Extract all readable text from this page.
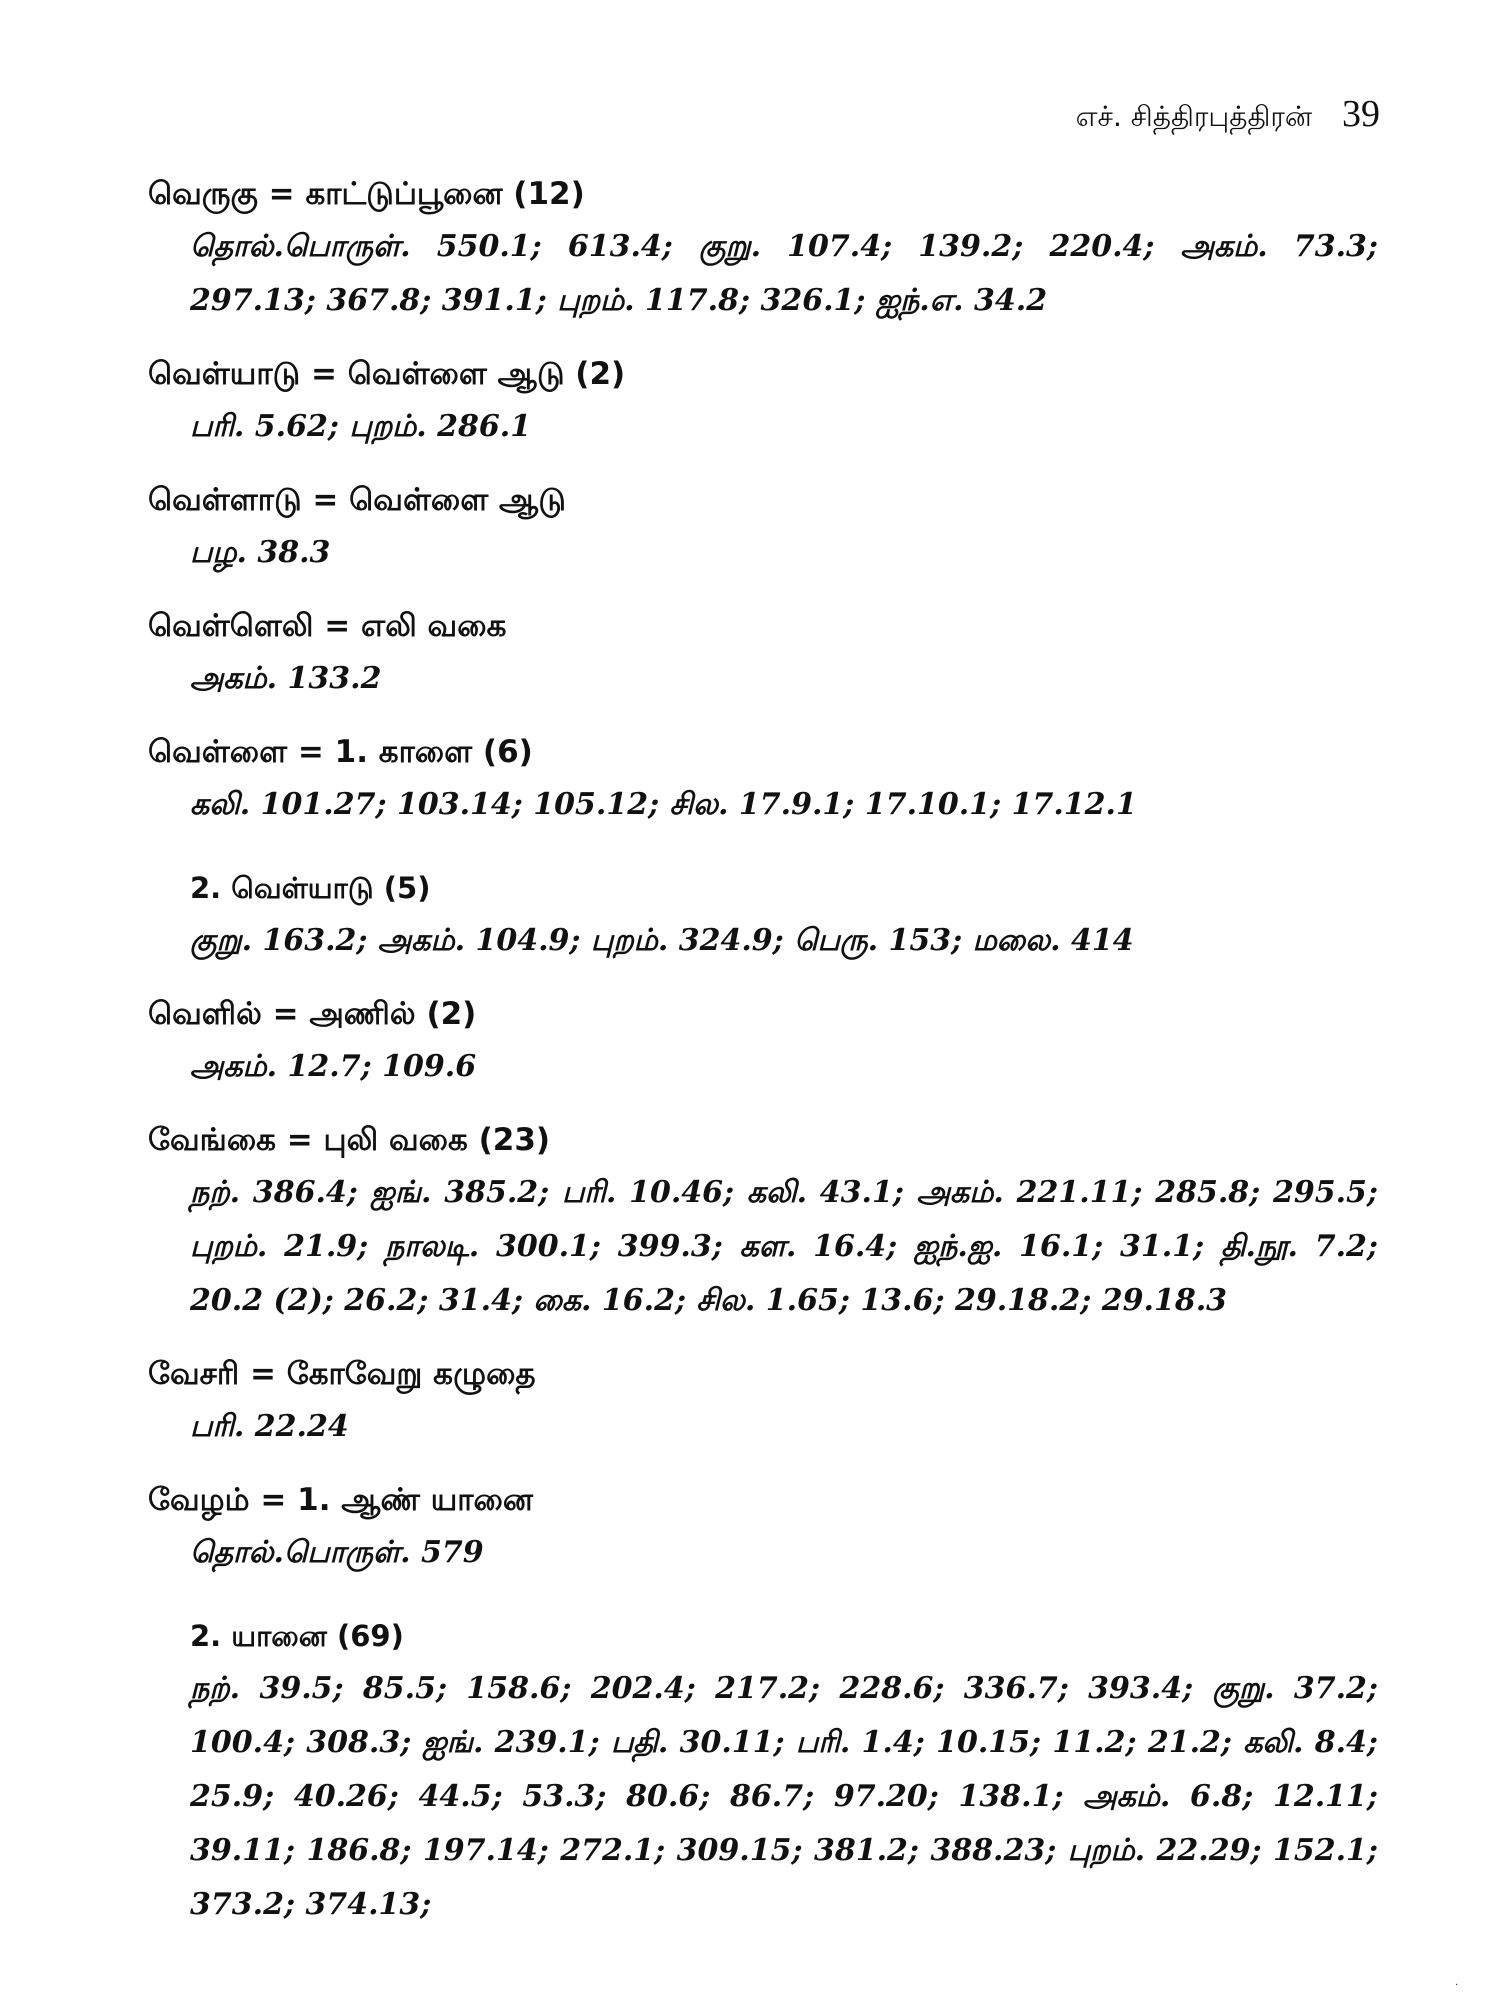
எச். சித்திரபுத்திரன் 39
வெருகு = காட்டுப்பூனை (12)
தொல்.பொருள். 550.1; 613.4; குறு. 107.4; 139.2; 220.4; அகம். 73.3; 297.13; 367.8; 391.1; புறம். 117.8; 326.1; ஐந்.எ. 34.2
வெள்யாடு = வெள்ளை ஆடு (2)
பரி. 5.62; புறம். 286.1
வெள்ளாடு = வெள்ளை ஆடு
பழ. 38.3
வெள்ளெலி = எலி வகை
அகம். 133.2
வெள்ளை = 1. காளை (6)
கலி. 101.27; 103.14; 105.12; சில. 17.9.1; 17.10.1; 17.12.1
2. வெள்யாடு (5)
குறு. 163.2; அகம். 104.9; புறம். 324.9; பெரு. 153; மலை. 414
வெளில் = அணில் (2)
அகம். 12.7; 109.6
வேங்கை = புலி வகை (23)
நற். 386.4; ஐங். 385.2; பரி. 10.46; கலி. 43.1; அகம். 221.11; 285.8; 295.5; புறம். 21.9; நாலடி. 300.1; 399.3; கள. 16.4; ஐந்.ஐ. 16.1; 31.1; தி.நூ. 7.2; 20.2 (2); 26.2; 31.4; கை. 16.2; சில. 1.65; 13.6; 29.18.2; 29.18.3
வேசரி = கோவேறு கழுதை
பரி. 22.24
வேழம் = 1. ஆண் யானை
தொல்.பொருள். 579
2. யானை (69)
நற். 39.5; 85.5; 158.6; 202.4; 217.2; 228.6; 336.7; 393.4; குறு. 37.2; 100.4; 308.3; ஐங். 239.1; பதி. 30.11; பரி. 1.4; 10.15; 11.2; 21.2; கலி. 8.4; 25.9; 40.26; 44.5; 53.3; 80.6; 86.7; 97.20; 138.1; அகம். 6.8; 12.11; 39.11; 186.8; 197.14; 272.1; 309.15; 381.2; 388.23; புறம். 22.29; 152.1; 373.2; 374.13;
·
